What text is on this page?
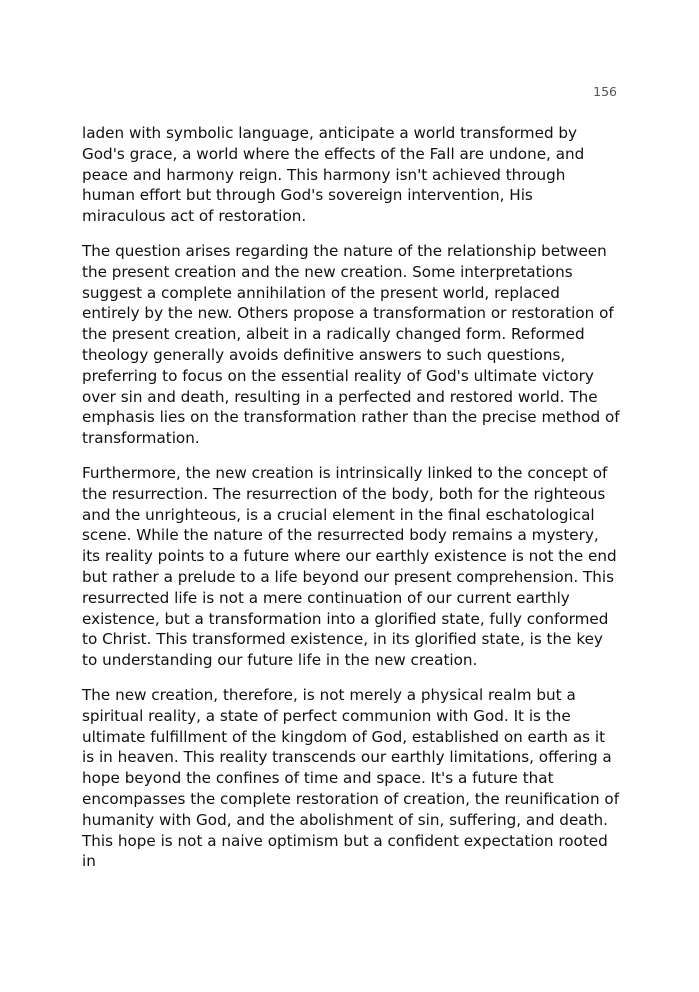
156

laden with symbolic language, anticipate a world transformed by God's grace, a world where the effects of the Fall are undone, and peace and harmony reign. This harmony isn't achieved through human effort but through God's sovereign intervention, His miraculous act of restoration.

The question arises regarding the nature of the relationship between the present creation and the new creation. Some interpretations suggest a complete annihilation of the present world, replaced entirely by the new. Others propose a transformation or restoration of the present creation, albeit in a radically changed form. Reformed theology generally avoids definitive answers to such questions, preferring to focus on the essential reality of God's ultimate victory over sin and death, resulting in a perfected and restored world. The emphasis lies on the transformation rather than the precise method of transformation.

Furthermore, the new creation is intrinsically linked to the concept of the resurrection. The resurrection of the body, both for the righteous and the unrighteous, is a crucial element in the final eschatological scene. While the nature of the resurrected body remains a mystery, its reality points to a future where our earthly existence is not the end but rather a prelude to a life beyond our present comprehension. This resurrected life is not a mere continuation of our current earthly existence, but a transformation into a glorified state, fully conformed to Christ. This transformed existence, in its glorified state, is the key to understanding our future life in the new creation.

The new creation, therefore, is not merely a physical realm but a spiritual reality, a state of perfect communion with God. It is the ultimate fulfillment of the kingdom of God, established on earth as it is in heaven. This reality transcends our earthly limitations, offering a hope beyond the confines of time and space. It's a future that encompasses the complete restoration of creation, the reunification of humanity with God, and the abolishment of sin, suffering, and death. This hope is not a naive optimism but a confident expectation rooted in
